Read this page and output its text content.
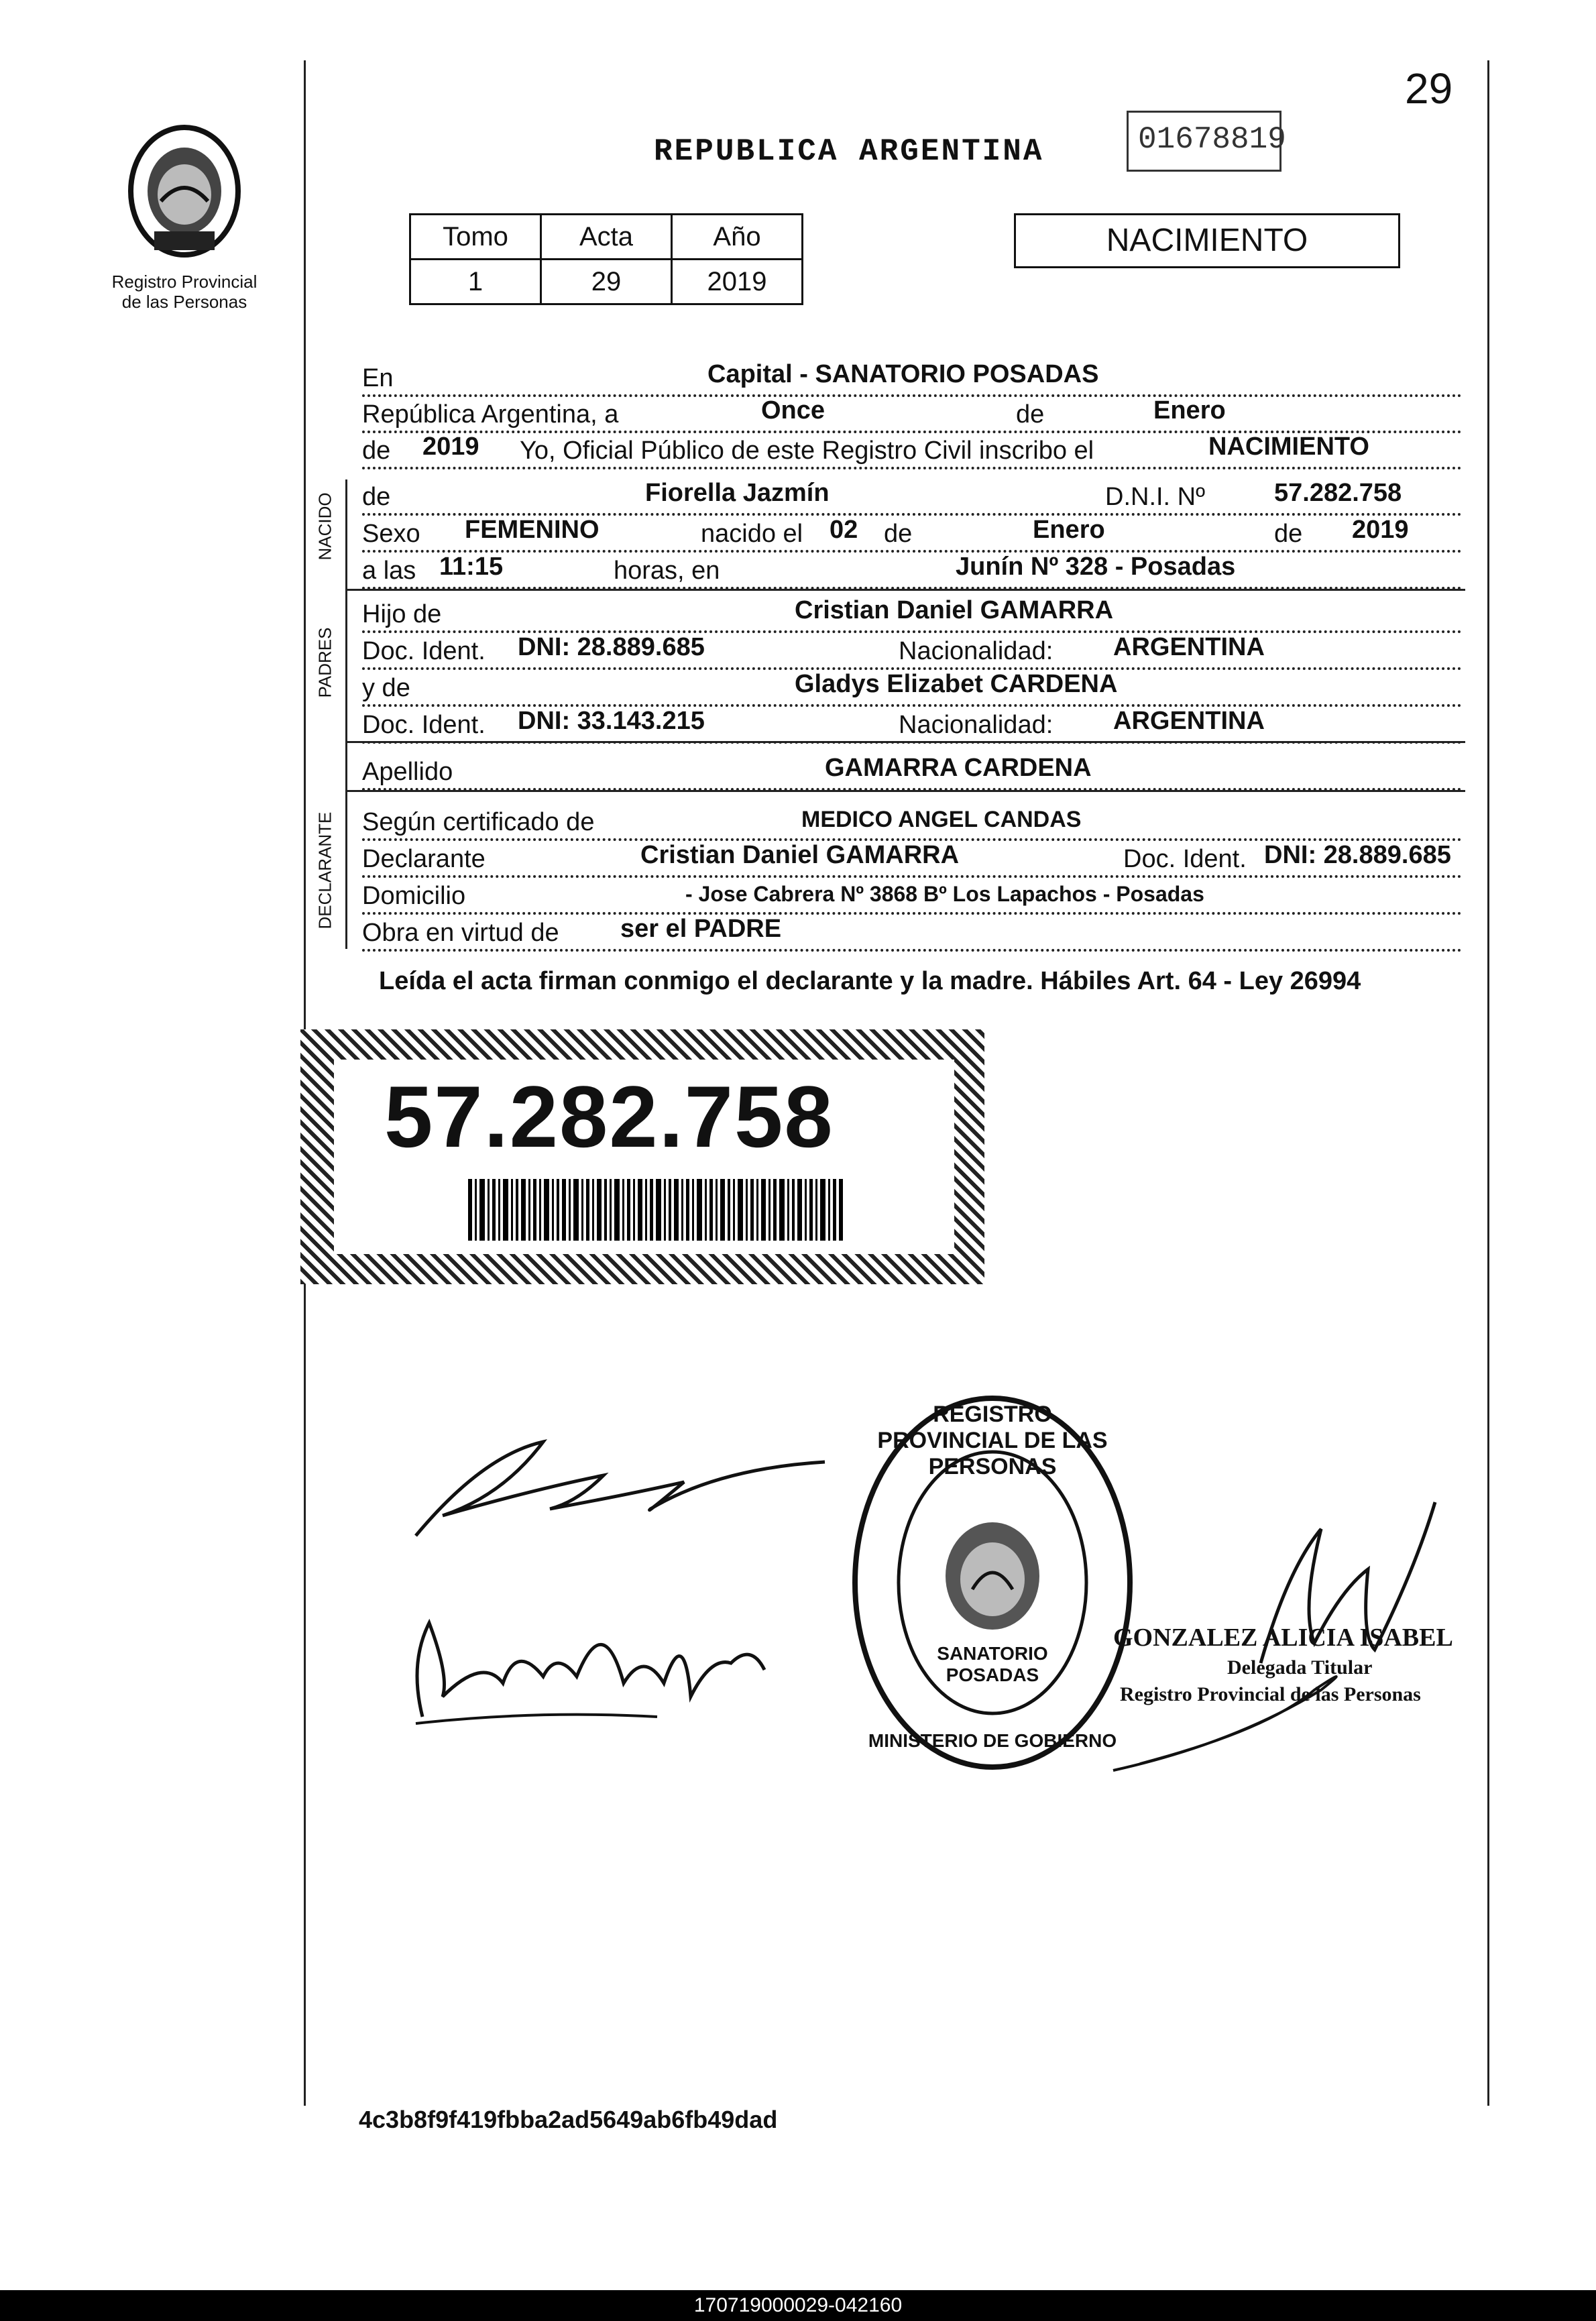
Registro Provincial
de las Personas
29
REPUBLICA ARGENTINA	01678819
Tomo	Acta	Año
1	29	2019
NACIMIENTO
En	Capital - SANATORIO POSADAS
República Argentina, a	Once	de	Enero
de 2019 Yo, Oficial Público de este Registro Civil inscribo el	NACIMIENTO
NACIDO de	Fiorella Jazmín	D.N.I. Nº	57.282.758
Sexo FEMENINO	nacido el 02 de	Enero	de 2019
a las 11:15	horas, en	Junín Nº 328 - Posadas
PADRES
Hijo de	Cristian Daniel GAMARRA
Doc. Ident. DNI: 28.889.685	Nacionalidad: ARGENTINA
y de	Gladys Elizabet CARDENA
Doc. Ident. DNI: 33.143.215	Nacionalidad: ARGENTINA
Apellido	GAMARRA CARDENA
DECLARANTE Según certificado de	MEDICO ANGEL CANDAS
Declarante	Cristian Daniel GAMARRA	Doc. Ident. DNI: 28.889.685
Domicilio	- Jose Cabrera Nº 3868 Bº Los Lapachos - Posadas
Obra en virtud de ser el PADRE
Leída el acta firman conmigo el declarante y la madre. Hábiles Art. 64 - Ley 26994
57.282.758
REGISTRO PROVINCIAL DE LAS PERSONAS
SANATORIO POSADAS
MINISTERIO DE GOBIERNO
GONZALEZ ALICIA ISABEL
Delegada Titular
Registro Provincial de las Personas
4c3b8f9f419fbba2ad5649ab6fb49dad
170719000029-042160
